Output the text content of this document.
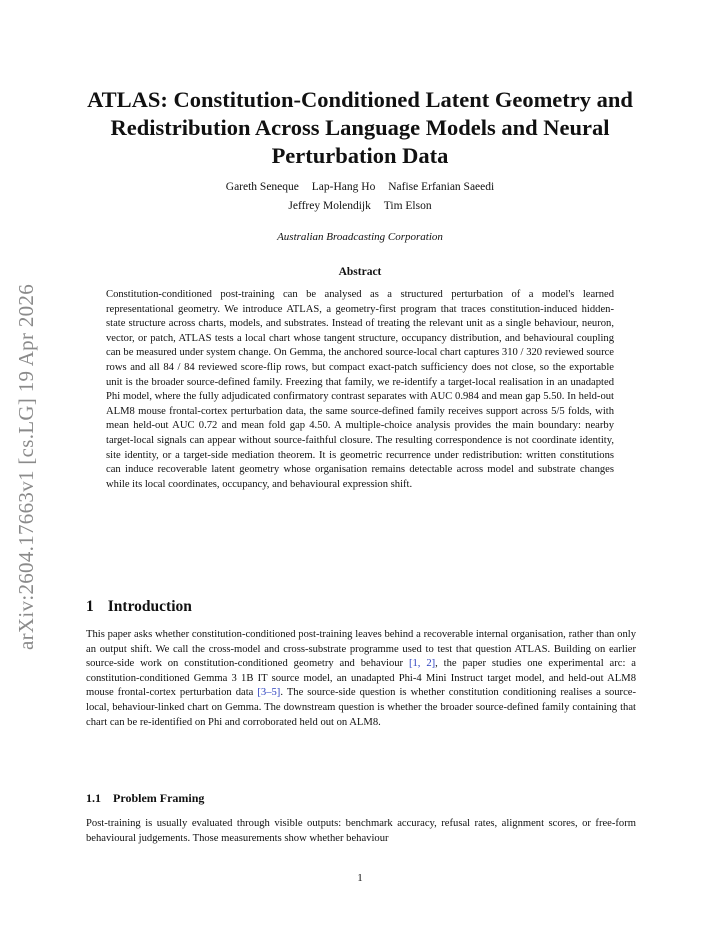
arXiv:2604.17663v1 [cs.LG] 19 Apr 2026
ATLAS: Constitution-Conditioned Latent Geometry and Redistribution Across Language Models and Neural Perturbation Data
Gareth Seneque Lap-Hang Ho Nafise Erfanian Saeedi
Jeffrey Molendijk Tim Elson
Australian Broadcasting Corporation
Abstract

Constitution-conditioned post-training can be analysed as a structured perturbation of a model's learned representational geometry. We introduce ATLAS, a geometry-first program that traces constitution-induced hidden-state structure across charts, models, and substrates. Instead of treating the relevant unit as a single behaviour, neuron, vector, or patch, ATLAS tests a local chart whose tangent structure, occupancy distribution, and behavioural coupling can be measured under system change. On Gemma, the anchored source-local chart captures 310 / 320 reviewed source rows and all 84 / 84 reviewed score-flip rows, but compact exact-patch sufficiency does not close, so the exportable unit is the broader source-defined family. Freezing that family, we re-identify a target-local realisation in an unadapted Phi model, where the fully adjudicated confirmatory contrast separates with AUC 0.984 and mean gap 5.50. In held-out ALM8 mouse frontal-cortex perturbation data, the same source-defined family receives support across 5/5 folds, with mean held-out AUC 0.72 and mean fold gap 4.50. A multiple-choice analysis provides the main boundary: nearby target-local signals can appear without source-faithful closure. The resulting correspondence is not coordinate identity, site identity, or a target-side mediation theorem. It is geometric recurrence under redistribution: written constitutions can induce recoverable latent geometry whose organisation remains detectable across model and substrate changes while its local coordinates, occupancy, and behavioural expression shift.

1 Introduction

This paper asks whether constitution-conditioned post-training leaves behind a recoverable internal organisation, rather than only an output shift. We call the cross-model and cross-substrate programme used to test that question ATLAS. Building on earlier source-side work on constitution-conditioned geometry and behaviour [1, 2], the paper studies one experimental arc: a constitution-conditioned Gemma 3 1B IT source model, an unadapted Phi-4 Mini Instruct target model, and held-out ALM8 mouse frontal-cortex perturbation data [3–5]. The source-side question is whether constitution conditioning realises a source-local, behaviour-linked chart on Gemma. The downstream question is whether the broader source-defined family containing that chart can be re-identified on Phi and corroborated held out on ALM8.

1.1 Problem Framing

Post-training is usually evaluated through visible outputs: benchmark accuracy, refusal rates, alignment scores, or free-form behavioural judgements. Those measurements show whether behaviour

1
